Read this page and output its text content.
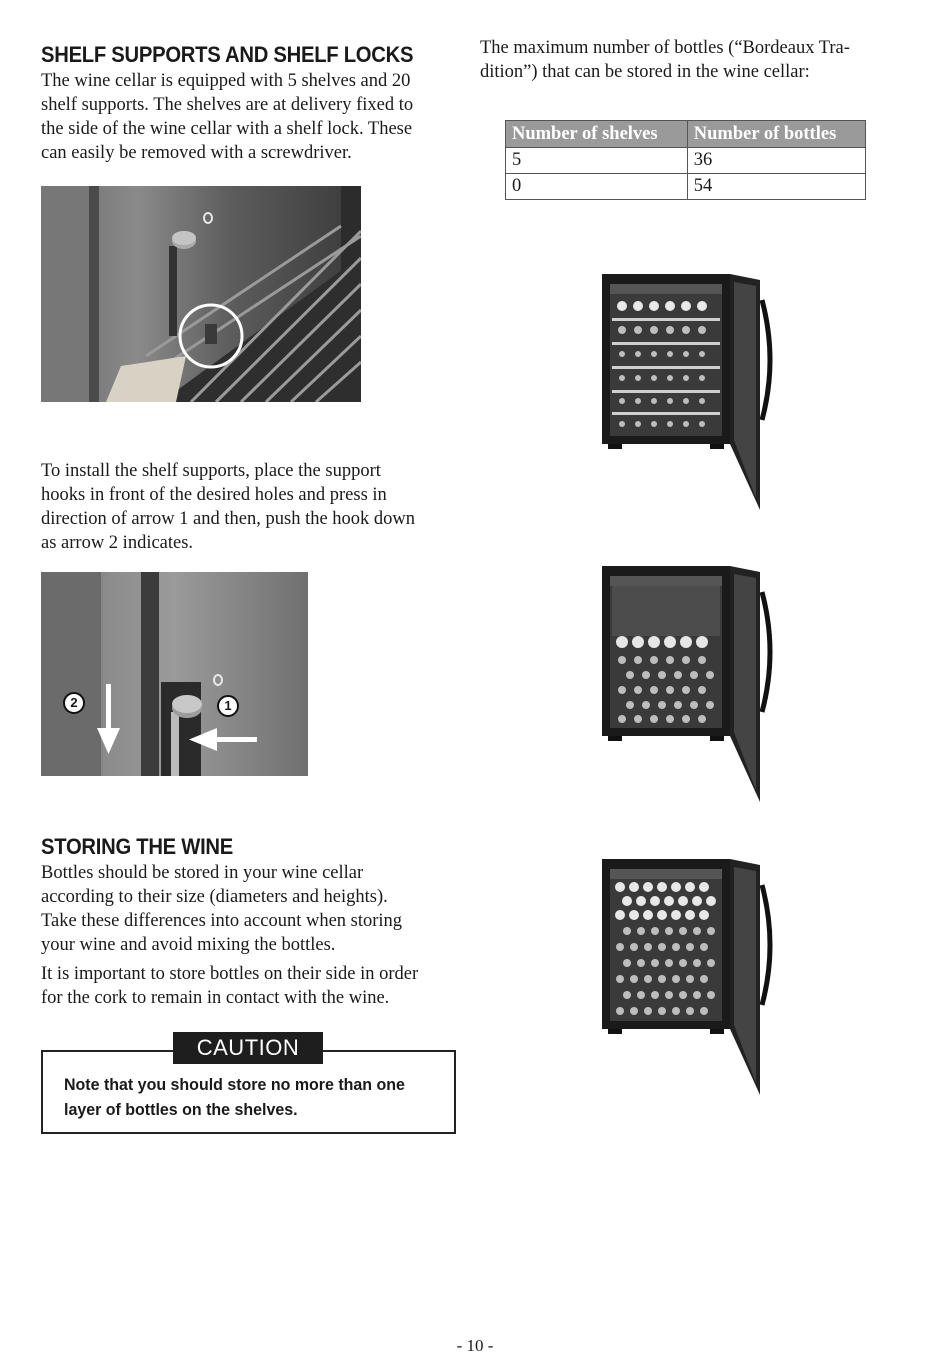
SHELF SUPPORTS AND SHELF LOCKS

The wine cellar is equipped with 5 shelves and 20
shelf supports. The shelves are at delivery fixed to
the side of the wine cellar with a shelf lock. These
can easily be removed with a screwdriver.

To install the shelf supports, place the support
hooks in front of the desired holes and press in
direction of arrow 1 and then, push the hook down
as arrow 2 indicates.

2	1
STORING THE WINE

Bottles should be stored in your wine cellar
according to their size (diameters and heights).
Take these differences into account when storing
your wine and avoid mixing the bottles.

It is important to store bottles on their side in order
for the cork to remain in contact with the wine.

CAUTION
Note that you should store no more than one
layer of bottles on the shelves.

The maximum number of bottles (“Bordeaux Tra-
dition”) that can be stored in the wine cellar:

Number of shelves	Number of bottles
5	36
0	54
- 10 -
